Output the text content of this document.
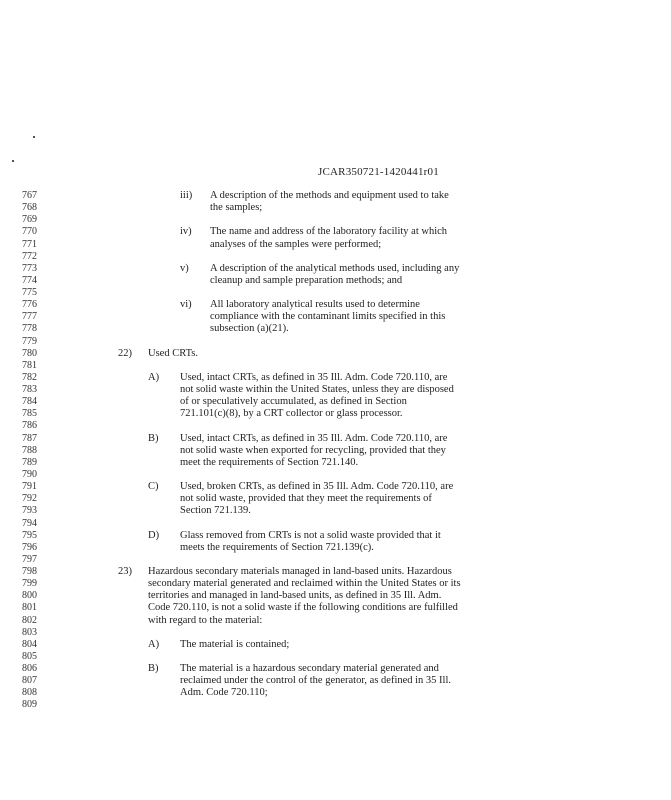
JCAR350721-1420441r01
767
768
769
770
771
772
773
774
775
776
777
778
779
780
781
782
783
784
785
786
787
788
789
790
791
792
793
794
795
796
797
798
799
800
801
802
803
804
805
806
807
808
809
iii) A description of the methods and equipment used to take
the samples;
iv) The name and address of the laboratory facility at which
analyses of the samples were performed;
v) A description of the analytical methods used, including any
cleanup and sample preparation methods; and
vi) All laboratory analytical results used to determine
compliance with the contaminant limits specified in this
subsection (a)(21).
22) Used CRTs.
A) Used, intact CRTs, as defined in 35 Ill. Adm. Code 720.110, are
not solid waste within the United States, unless they are disposed
of or speculatively accumulated, as defined in Section
721.101(c)(8), by a CRT collector or glass processor.
B) Used, intact CRTs, as defined in 35 Ill. Adm. Code 720.110, are
not solid waste when exported for recycling, provided that they
meet the requirements of Section 721.140.
C) Used, broken CRTs, as defined in 35 Ill. Adm. Code 720.110, are
not solid waste, provided that they meet the requirements of
Section 721.139.
D) Glass removed from CRTs is not a solid waste provided that it
meets the requirements of Section 721.139(c).
23) Hazardous secondary materials managed in land-based units. Hazardous
secondary material generated and reclaimed within the United States or its
territories and managed in land-based units, as defined in 35 Ill. Adm.
Code 720.110, is not a solid waste if the following conditions are fulfilled
with regard to the material:
A) The material is contained;
B) The material is a hazardous secondary material generated and
reclaimed under the control of the generator, as defined in 35 Ill.
Adm. Code 720.110;
